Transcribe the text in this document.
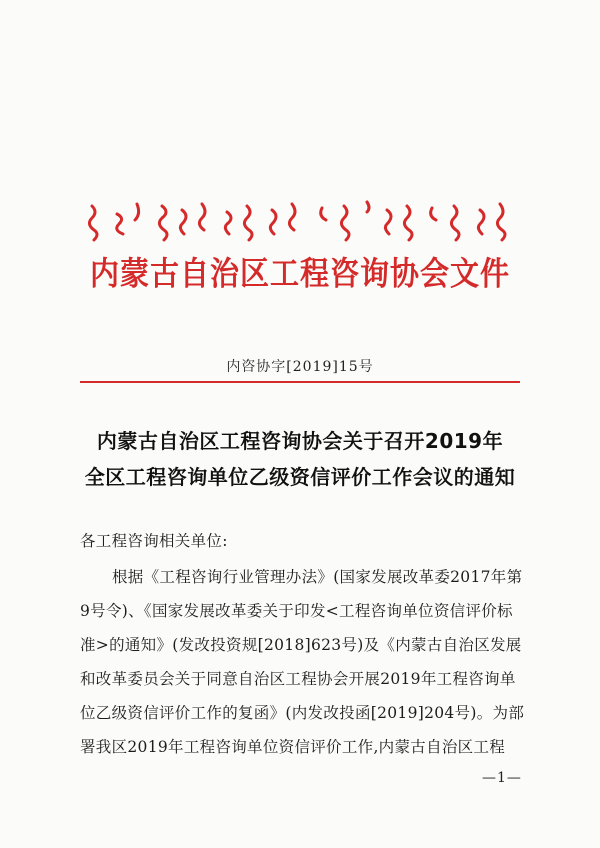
内蒙古自治区工程咨询协会文件
内咨协字[2019]15号
内蒙古自治区工程咨询协会关于召开2019年
全区工程咨询单位乙级资信评价工作会议的通知
各工程咨询相关单位:
根据《工程咨询行业管理办法》(国家发展改革委2017年第
9号令)、《国家发展改革委关于印发<工程咨询单位资信评价标
准>的通知》(发改投资规[2018]623号)及《内蒙古自治区发展
和改革委员会关于同意自治区工程协会开展2019年工程咨询单
位乙级资信评价工作的复函》(内发改投函[2019]204号)。为部
署我区2019年工程咨询单位资信评价工作,内蒙古自治区工程
—1—
